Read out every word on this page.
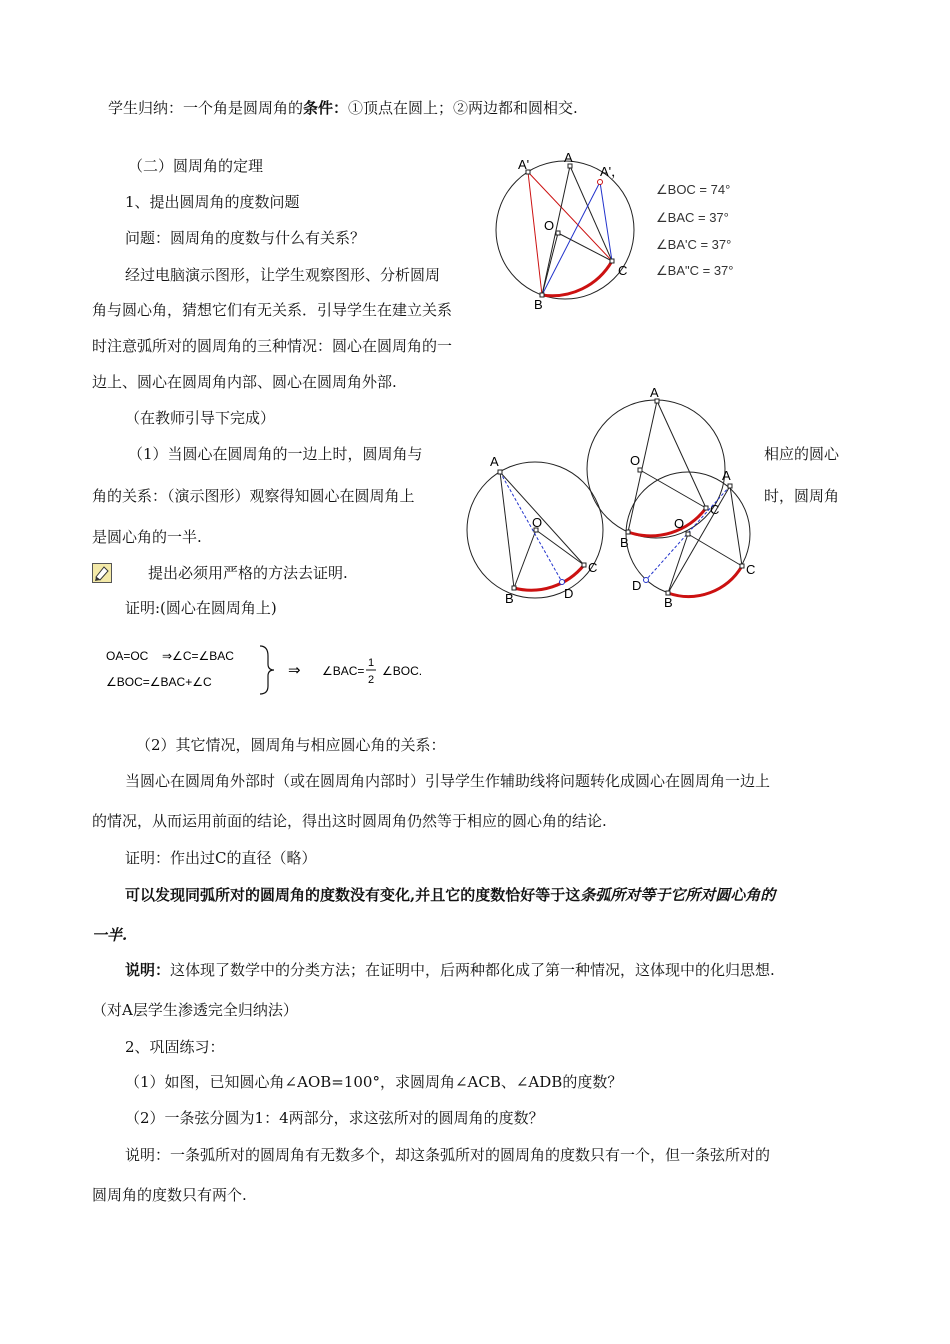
学生归纳：一个角是圆周角的条件：①顶点在圆上；②两边都和圆相交.
（二）圆周角的定理
1、提出圆周角的度数问题
问题：圆周角的度数与什么有关系？
经过电脑演示图形，让学生观察图形、分析圆周
角与圆心角，猜想它们有无关系．引导学生在建立关系
时注意弧所对的圆周角的三种情况：圆心在圆周角的一
边上、圆心在圆周角内部、圆心在圆周角外部.
（在教师引导下完成）
（1）当圆心在圆周角的一边上时，圆周角与	相应的圆心
角的关系：（演示图形）观察得知圆心在圆周角上	时，圆周角
是圆心角的一半.
提出必须用严格的方法去证明.
证明:(圆心在圆周角上)
OA=OC ⇒∠C=∠BAC
∠BOC=∠BAC+∠C
⇒ ∠BAC=
1
2
∠BOC.
（2）其它情况，圆周角与相应圆心角的关系：
当圆心在圆周角外部时（或在圆周角内部时）引导学生作辅助线将问题转化成圆心在圆周角一边上
的情况，从而运用前面的结论，得出这时圆周角仍然等于相应的圆心角的结论.
证明：作出过C的直径（略）
可以发现同弧所对的圆周角的度数没有变化,并且它的度数恰好等于这条弧所对等于它所对圆心角的
一半.
说明：这体现了数学中的分类方法；在证明中，后两种都化成了第一种情况，这体现中的化归思想.
（对A层学生渗透完全归纳法）
2、巩固练习：
（1）如图，已知圆心角∠AOB=100°，求圆周角∠ACB、∠ADB的度数？
（2）一条弦分圆为1：4两部分，求这弦所对的圆周角的度数？
说明：一条弧所对的圆周角有无数多个，却这条弧所对的圆周角的度数只有一个，但一条弦所对的
圆周角的度数只有两个.
A'	A
A'，
O
B
C
∠BOC = 74°
∠BAC = 37°
∠BA'C = 37°
∠BA"C = 37°
A
O
B
C
D
A
O
B
C
A
O
B
C
D
